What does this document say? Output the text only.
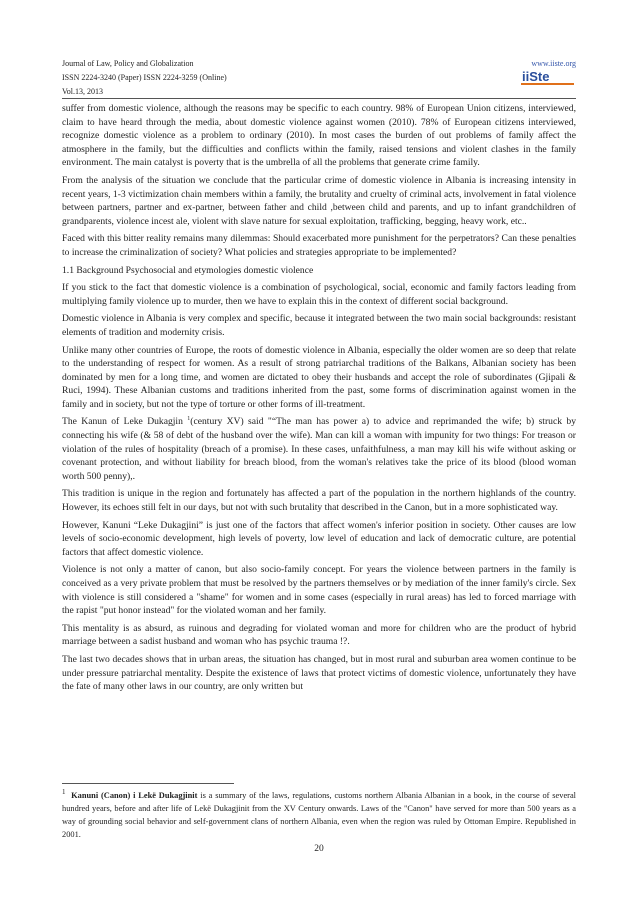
Journal of Law, Policy and Globalization
ISSN 2224-3240 (Paper) ISSN 2224-3259 (Online)
Vol.13, 2013
www.iiste.org
iiSte

suffer from domestic violence, although the reasons may be specific to each country. 98% of European Union citizens, interviewed, claim to have heard through the media, about domestic violence against women (2010). 78% of European citizens interviewed, recognize domestic violence as a problem to ordinary (2010). In most cases the burden of out problems of family affect the atmosphere in the family, but the difficulties and conflicts within the family, raised tensions and violent clashes in the family environment. The main catalyst is poverty that is the umbrella of all the problems that generate crime family.

From the analysis of the situation we conclude that the particular crime of domestic violence in Albania is increasing intensity in recent years, 1-3 victimization chain members within a family, the brutality and cruelty of criminal acts, involvement in fatal violence between partners, partner and ex-partner, between father and child ,between child and parents, and up to infant grandchildren of grandparents, violence incest ale, violent with slave nature for sexual exploitation, trafficking, begging, heavy work, etc..

Faced with this bitter reality remains many dilemmas: Should exacerbated more punishment for the perpetrators? Can these penalties to increase the criminalization of society? What policies and strategies appropriate to be implemented?

1.1 Background Psychosocial and etymologies domestic violence

If you stick to the fact that domestic violence is a combination of psychological, social, economic and family factors leading from multiplying family violence up to murder, then we have to explain this in the context of different social background.

Domestic violence in Albania is very complex and specific, because it integrated between the two main social backgrounds: resistant elements of tradition and modernity crisis.

Unlike many other countries of Europe, the roots of domestic violence in Albania, especially the older women are so deep that relate to the understanding of respect for women. As a result of strong patriarchal traditions of the Balkans, Albanian society has been dominated by men for a long time, and women are dictated to obey their husbands and accept the role of subordinates (Gjipali & Ruci, 1994). These Albanian customs and traditions inherited from the past, some forms of discrimination against women in the family and in society, but not the type of torture or other forms of ill-treatment.

The Kanun of Leke Dukagjin $^1$(century XV) said "“The man has power a) to advice and reprimanded the wife; b) struck by connecting his wife (& 58 of debt of the husband over the wife). Man can kill a woman with impunity for two things: For treason or violation of the rules of hospitality (breach of a promise). In these cases, unfaithfulness, a man may kill his wife without asking or covenant protection, and without liability for breach blood, from the woman's relatives take the price of its blood (blood woman worth 500 penny),.

This tradition is unique in the region and fortunately has affected a part of the population in the northern highlands of the country. However, its echoes still felt in our days, but not with such brutality that described in the Canon, but in a more sophisticated way.

However, Kanuni “Leke Dukagjini” is just one of the factors that affect women's inferior position in society. Other causes are low levels of socio-economic development, high levels of poverty, low level of education and lack of democratic culture, are potential factors that affect domestic violence.

Violence is not only a matter of canon, but also socio-family concept. For years the violence between partners in the family is conceived as a very private problem that must be resolved by the partners themselves or by mediation of the inner family's circle. Sex with violence is still considered a "shame" for women and in some cases (especially in rural areas) has led to forced marriage with the rapist "put honor instead" for the violated woman and her family.

This mentality is as absurd, as ruinous and degrading for violated woman and more for children who are the product of hybrid marriage between a sadist husband and woman who has psychic trauma !?.

The last two decades shows that in urban areas, the situation has changed, but in most rural and suburban area women continue to be under pressure patriarchal mentality. Despite the existence of laws that protect victims of domestic violence, unfortunately they have the fate of many other laws in our country, are only written but

$^1$ Kanuni (Canon) i Lekë Dukagjinit is a summary of the laws, regulations, customs northern Albania Albanian in a book, in the course of several hundred years, before and after life of Lekë Dukagjinit from the XV Century onwards. Laws of the "Canon" have served for more than 500 years as a way of grounding social behavior and self-government clans of northern Albania, even when the region was ruled by Ottoman Empire. Republished in 2001.
20
